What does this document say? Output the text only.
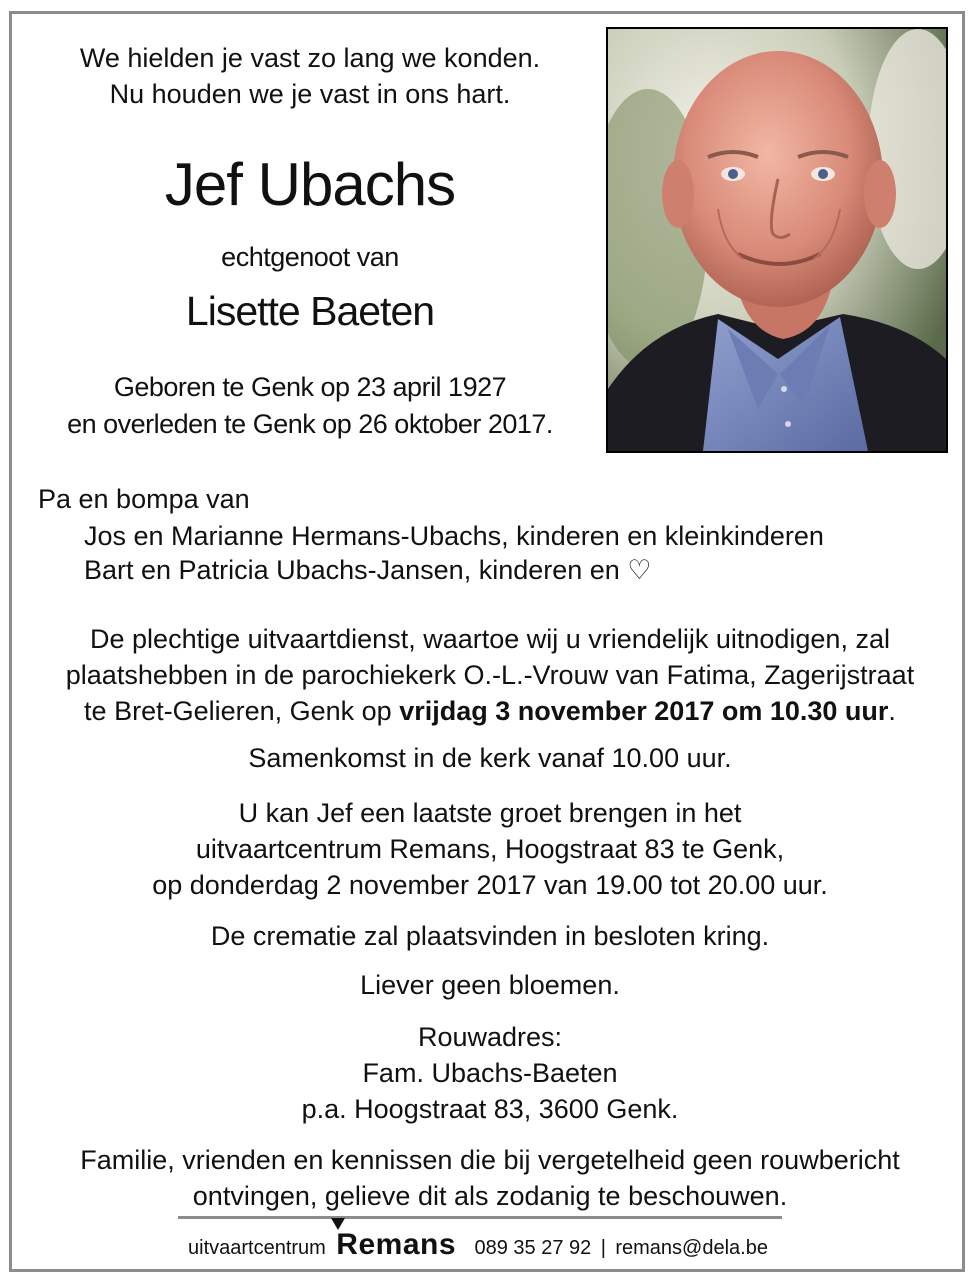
We hielden je vast zo lang we konden.
Nu houden we je vast in ons hart.
Jef Ubachs
echtgenoot van
Lisette Baeten
Geboren te Genk op 23 april 1927
en overleden te Genk op 26 oktober 2017.
Pa en bompa van
Jos en Marianne Hermans-Ubachs, kinderen en kleinkinderen
Bart en Patricia Ubachs-Jansen, kinderen en ♡
De plechtige uitvaartdienst, waartoe wij u vriendelijk uitnodigen, zal
plaatshebben in de parochiekerk O.-L.-Vrouw van Fatima, Zagerijstraat
te Bret-Gelieren, Genk op vrijdag 3 november 2017 om 10.30 uur.
Samenkomst in de kerk vanaf 10.00 uur.
U kan Jef een laatste groet brengen in het
uitvaartcentrum Remans, Hoogstraat 83 te Genk,
op donderdag 2 november 2017 van 19.00 tot 20.00 uur.
De crematie zal plaatsvinden in besloten kring.
Liever geen bloemen.
Rouwadres:
Fam. Ubachs-Baeten
p.a. Hoogstraat 83, 3600 Genk.
Familie, vrienden en kennissen die bij vergetelheid geen rouwbericht
ontvingen, gelieve dit als zodanig te beschouwen.
uitvaartcentrum Remans 089 35 27 92 | remans@dela.be
